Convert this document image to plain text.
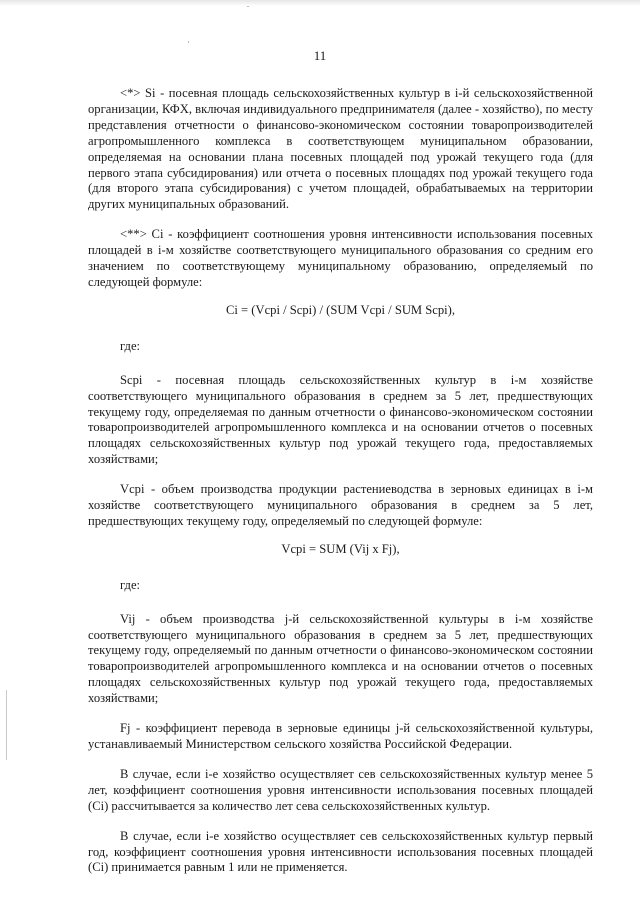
11

<*> Si - посевная площадь сельскохозяйственных культур в i-й сельскохозяйственной организации, КФХ, включая индивидуального предпринимателя (далее - хозяйство), по месту представления отчетности о финансово-экономическом состоянии товаропроизводителей агропромышленного комплекса в соответствующем муниципальном образовании, определяемая на основании плана посевных площадей под урожай текущего года (для первого этапа субсидирования) или отчета о посевных площадях под урожай текущего года (для второго этапа субсидирования) с учетом площадей, обрабатываемых на территории других муниципальных образований.

<**> Ci - коэффициент соотношения уровня интенсивности использования посевных площадей в i-м хозяйстве соответствующего муниципального образования со средним его значением по соответствующему муниципальному образованию, определяемый по следующей формуле:

Ci = (Vcpi / Scpi) / (SUM Vcpi / SUM Scpi),

где:

Scpi - посевная площадь сельскохозяйственных культур в i-м хозяйстве соответствующего муниципального образования в среднем за 5 лет, предшествующих текущему году, определяемая по данным отчетности о финансово-экономическом состоянии товаропроизводителей агропромышленного комплекса и на основании отчетов о посевных площадях сельскохозяйственных культур под урожай текущего года, предоставляемых хозяйствами;

Vcpi - объем производства продукции растениеводства в зерновых единицах в i-м хозяйстве соответствующего муниципального образования в среднем за 5 лет, предшествующих текущему году, определяемый по следующей формуле:

Vcpi = SUM (Vij x Fj),

где:

Vij - объем производства j-й сельскохозяйственной культуры в i-м хозяйстве соответствующего муниципального образования в среднем за 5 лет, предшествующих текущему году, определяемый по данным отчетности о финансово-экономическом состоянии товаропроизводителей агропромышленного комплекса и на основании отчетов о посевных площадях сельскохозяйственных культур под урожай текущего года, предоставляемых хозяйствами;

Fj - коэффициент перевода в зерновые единицы j-й сельскохозяйственной культуры, устанавливаемый Министерством сельского хозяйства Российской Федерации.

В случае, если i-е хозяйство осуществляет сев сельскохозяйственных культур менее 5 лет, коэффициент соотношения уровня интенсивности использования посевных площадей (Ci) рассчитывается за количество лет сева сельскохозяйственных культур.

В случае, если i-е хозяйство осуществляет сев сельскохозяйственных культур первый год, коэффициент соотношения уровня интенсивности использования посевных площадей (Ci) принимается равным 1 или не применяется.
